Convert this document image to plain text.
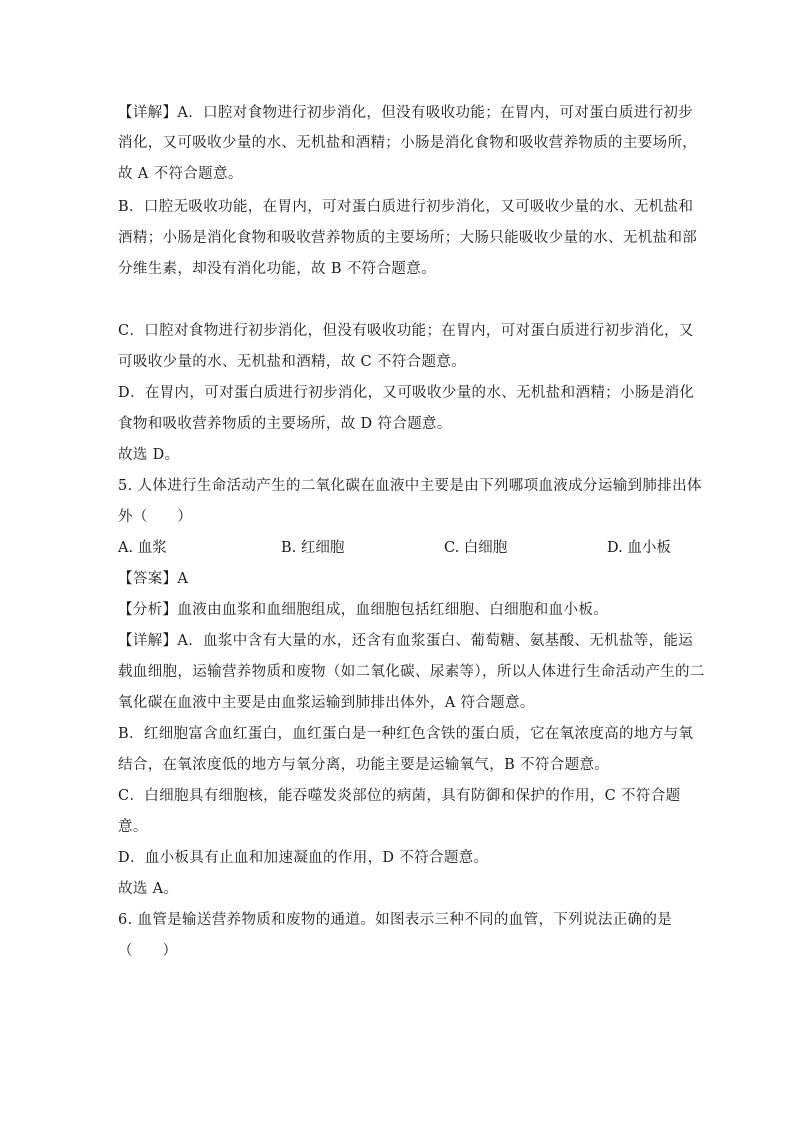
【详解】A．口腔对食物进行初步消化，但没有吸收功能；在胃内，可对蛋白质进行初步
消化，又可吸收少量的水、无机盐和酒精；小肠是消化食物和吸收营养物质的主要场所，
故 A 不符合题意。
B．口腔无吸收功能，在胃内，可对蛋白质进行初步消化，又可吸收少量的水、无机盐和
酒精；小肠是消化食物和吸收营养物质的主要场所；大肠只能吸收少量的水、无机盐和部
分维生素，却没有消化功能，故 B 不符合题意。
C．口腔对食物进行初步消化，但没有吸收功能；在胃内，可对蛋白质进行初步消化，又
可吸收少量的水、无机盐和酒精，故 C 不符合题意。
D．在胃内，可对蛋白质进行初步消化，又可吸收少量的水、无机盐和酒精；小肠是消化
食物和吸收营养物质的主要场所，故 D 符合题意。
故选 D。
5. 人体进行生命活动产生的二氧化碳在血液中主要是由下列哪项血液成分运输到肺排出体
外（　　）
A. 血浆	B. 红细胞	C. 白细胞	D. 血小板
【答案】A
【分析】血液由血浆和血细胞组成，血细胞包括红细胞、白细胞和血小板。
【详解】A．血浆中含有大量的水，还含有血浆蛋白、葡萄糖、氨基酸、无机盐等，能运
载血细胞，运输营养物质和废物（如二氧化碳、尿素等），所以人体进行生命活动产生的二
氧化碳在血液中主要是由血浆运输到肺排出体外，A 符合题意。
B．红细胞富含血红蛋白，血红蛋白是一种红色含铁的蛋白质，它在氧浓度高的地方与氧
结合，在氧浓度低的地方与氧分离，功能主要是运输氧气，B 不符合题意。
C．白细胞具有细胞核，能吞噬发炎部位的病菌，具有防御和保护的作用，C 不符合题
意。
D．血小板具有止血和加速凝血的作用，D 不符合题意。
故选 A。
6. 血管是输送营养物质和废物的通道。如图表示三种不同的血管，下列说法正确的是
（　　）
